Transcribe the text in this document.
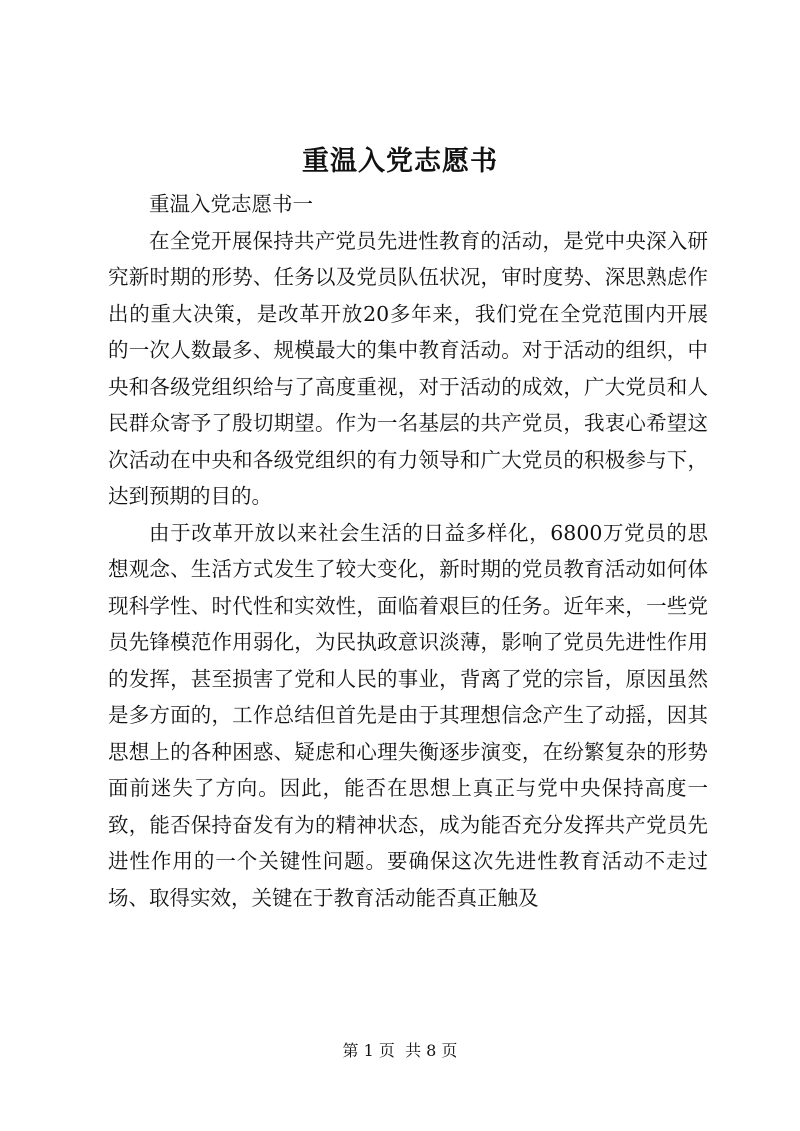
重温入党志愿书

重温入党志愿书一

在全党开展保持共产党员先进性教育的活动，是党中央深入研究新时期的形势、任务以及党员队伍状况，审时度势、深思熟虑作出的重大决策，是改革开放20多年来，我们党在全党范围内开展的一次人数最多、规模最大的集中教育活动。对于活动的组织，中央和各级党组织给与了高度重视，对于活动的成效，广大党员和人民群众寄予了殷切期望。作为一名基层的共产党员，我衷心希望这次活动在中央和各级党组织的有力领导和广大党员的积极参与下，达到预期的目的。

由于改革开放以来社会生活的日益多样化，6800万党员的思想观念、生活方式发生了较大变化，新时期的党员教育活动如何体现科学性、时代性和实效性，面临着艰巨的任务。近年来，一些党员先锋模范作用弱化，为民执政意识淡薄，影响了党员先进性作用的发挥，甚至损害了党和人民的事业，背离了党的宗旨，原因虽然是多方面的，工作总结但首先是由于其理想信念产生了动摇，因其思想上的各种困惑、疑虑和心理失衡逐步演变，在纷繁复杂的形势面前迷失了方向。因此，能否在思想上真正与党中央保持高度一致，能否保持奋发有为的精神状态，成为能否充分发挥共产党员先进性作用的一个关键性问题。要确保这次先进性教育活动不走过场、取得实效，关键在于教育活动能否真正触及

第 1 页  共 8 页
